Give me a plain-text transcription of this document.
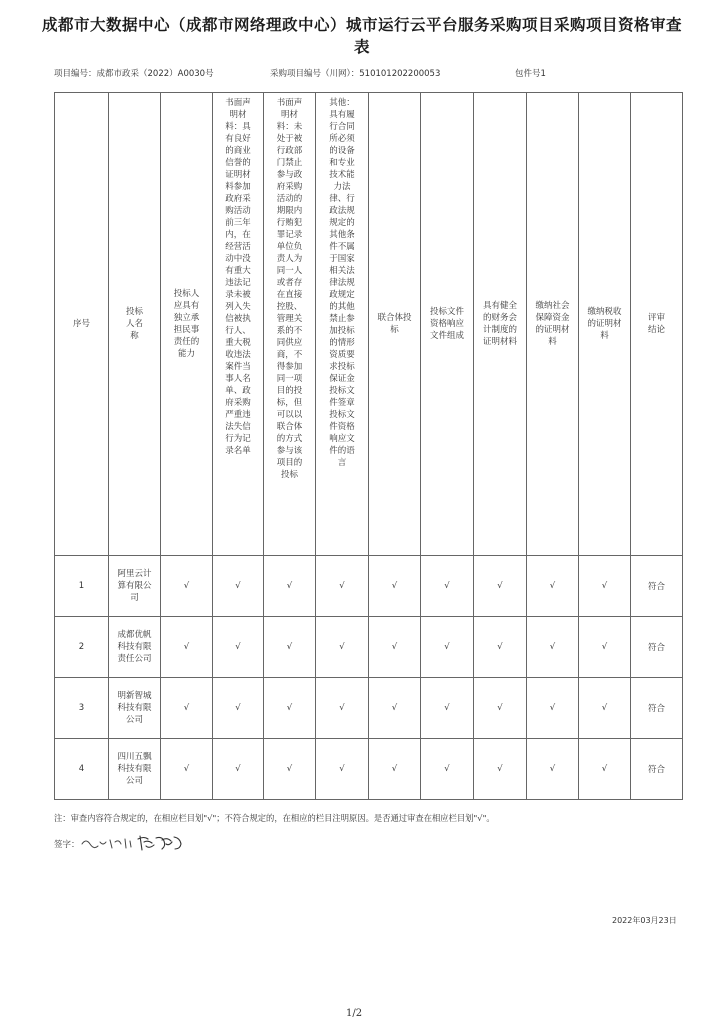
成都市大数据中心（成都市网络理政中心）城市运行云平台服务采购项目采购项目资格审查表
项目编号：成都市政采（2022）A0030号	采购项目编号（川网）：510101202200053	包件号1
序号	投标人名称	投标人应具有独立承担民事责任的能力	书面声明材料：具有良好的商业信誉的证明材料参加政府采购活动前三年内，在经营活动中没有重大违法记录未被列入失信被执行人、重大税收违法案件当事人名单、政府采购严重违法失信行为记录名单	书面声明材料：未处于被行政部门禁止参与政府采购活动的期限内行贿犯罪记录单位负责人为同一人或者存在直接控股、管理关系的不同供应商，不得参加同一项目的投标，但可以以联合体的方式参与该项目的投标	其他：具有履行合同所必须的设备和专业技术能力法律、行政法规规定的其他条件不属于国家相关法律法规政规定的其他禁止参加投标的情形资质要求投标保证金投标文件签章投标文件资格响应文件的语言	联合体投标	投标文件资格响应文件组成	具有健全的财务会计制度的证明材料	缴纳社会保障资金的证明材料	缴纳税收的证明材料	评审结论
1	阿里云计算有限公司	√	√	√	√	√	√	√	√	√	符合
2	成都优帆科技有限责任公司	√	√	√	√	√	√	√	√	√	符合
3	明新智城科技有限公司	√	√	√	√	√	√	√	√	√	符合
4	四川五飘科技有限公司	√	√	√	√	√	√	√	√	√	符合
注：审查内容符合规定的，在相应栏目划"√"；不符合规定的，在相应的栏目注明原因。是否通过审查在相应栏目划"√"。
签字：
2022年03月23日
1/2
